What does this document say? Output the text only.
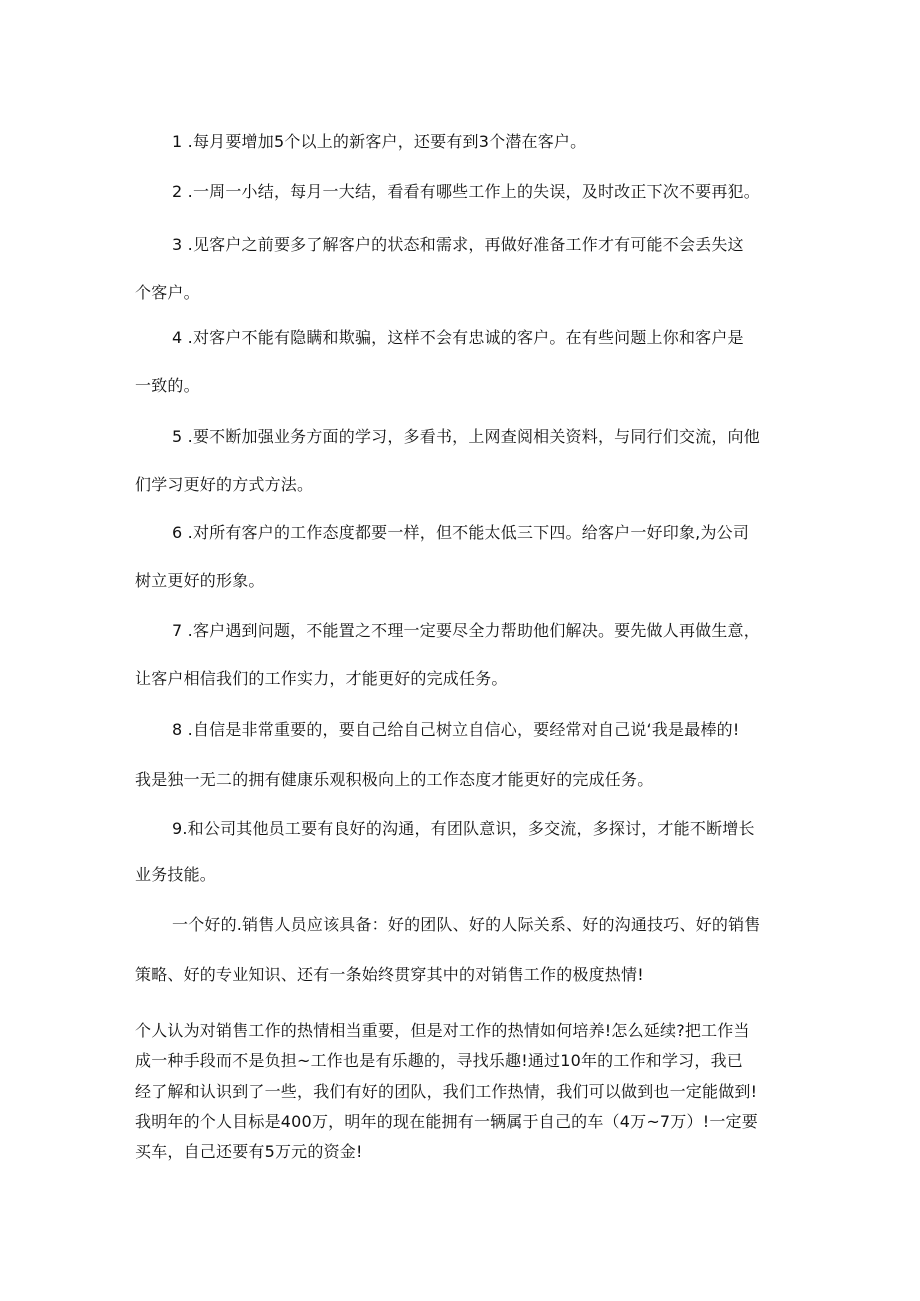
1 .每月要增加5个以上的新客户，还要有到3个潜在客户。
2 .一周一小结，每月一大结，看看有哪些工作上的失误，及时改正下次不要再犯。
3 .见客户之前要多了解客户的状态和需求，再做好准备工作才有可能不会丢失这
个客户。
4 .对客户不能有隐瞒和欺骗，这样不会有忠诚的客户。在有些问题上你和客户是
一致的。
5 .要不断加强业务方面的学习，多看书，上网查阅相关资料，与同行们交流，向他
们学习更好的方式方法。
6 .对所有客户的工作态度都要一样，但不能太低三下四。给客户一好印象,为公司
树立更好的形象。
7 .客户遇到问题，不能置之不理一定要尽全力帮助他们解决。要先做人再做生意，
让客户相信我们的工作实力，才能更好的完成任务。
8 .自信是非常重要的，要自己给自己树立自信心，要经常对自己说‘我是最棒的!
我是独一无二的拥有健康乐观积极向上的工作态度才能更好的完成任务。
9.和公司其他员工要有良好的沟通，有团队意识，多交流，多探讨，才能不断增长
业务技能。
一个好的.销售人员应该具备：好的团队、好的人际关系、好的沟通技巧、好的销售
策略、好的专业知识、还有一条始终贯穿其中的对销售工作的极度热情!
个人认为对销售工作的热情相当重要，但是对工作的热情如何培养!怎么延续?把工作当
成一种手段而不是负担~工作也是有乐趣的，寻找乐趣!通过10年的工作和学习，我已
经了解和认识到了一些，我们有好的团队，我们工作热情，我们可以做到也一定能做到!
我明年的个人目标是400万，明年的现在能拥有一辆属于自己的车（4万~7万）!一定要
买车，自己还要有5万元的资金!
